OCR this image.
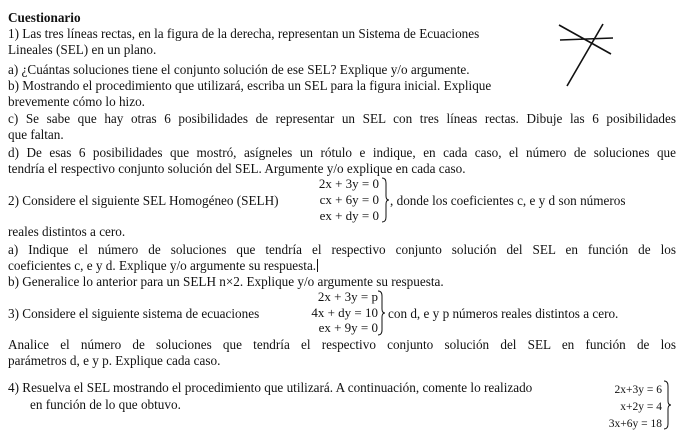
Cuestionario
1) Las tres líneas rectas, en la figura de la derecha, representan un Sistema de Ecuaciones
Lineales (SEL) en un plano.
a) ¿Cuántas soluciones tiene el conjunto solución de ese SEL? Explique y/o argumente.
b) Mostrando el procedimiento que utilizará, escriba un SEL para la figura inicial. Explique
brevemente cómo lo hizo.
c) Se sabe que hay otras 6 posibilidades de representar un SEL con tres líneas rectas. Dibuje las 6 posibilidades
que faltan.
d) De esas 6 posibilidades que mostró, asígneles un rótulo e indique, en cada caso, el número de soluciones que
tendría el respectivo conjunto solución del SEL. Argumente y/o explique en cada caso.
2) Considere el siguiente SEL Homogéneo (SELH)
2x + 3y = 0
cx + 6y = 0
ex + dy = 0
, donde los coeficientes c, e y d son números
reales distintos a cero.
a) Indique el número de soluciones que tendría el respectivo conjunto solución del SEL en función de los
coeficientes c, e y d. Explique y/o argumente su respuesta.
b) Generalice lo anterior para un SELH n×2. Explique y/o argumente su respuesta.
3) Considere el siguiente sistema de ecuaciones
2x + 3y = p
4x + dy = 10
ex + 9y = 0
con d, e y p números reales distintos a cero.
Analice el número de soluciones que tendría el respectivo conjunto solución del SEL en función de los
parámetros d, e y p. Explique cada caso.
4) Resuelva el SEL mostrando el procedimiento que utilizará. A continuación, comente lo realizado
en función de lo que obtuvo.
2x+3y = 6
x+2y = 4
3x+6y = 18
